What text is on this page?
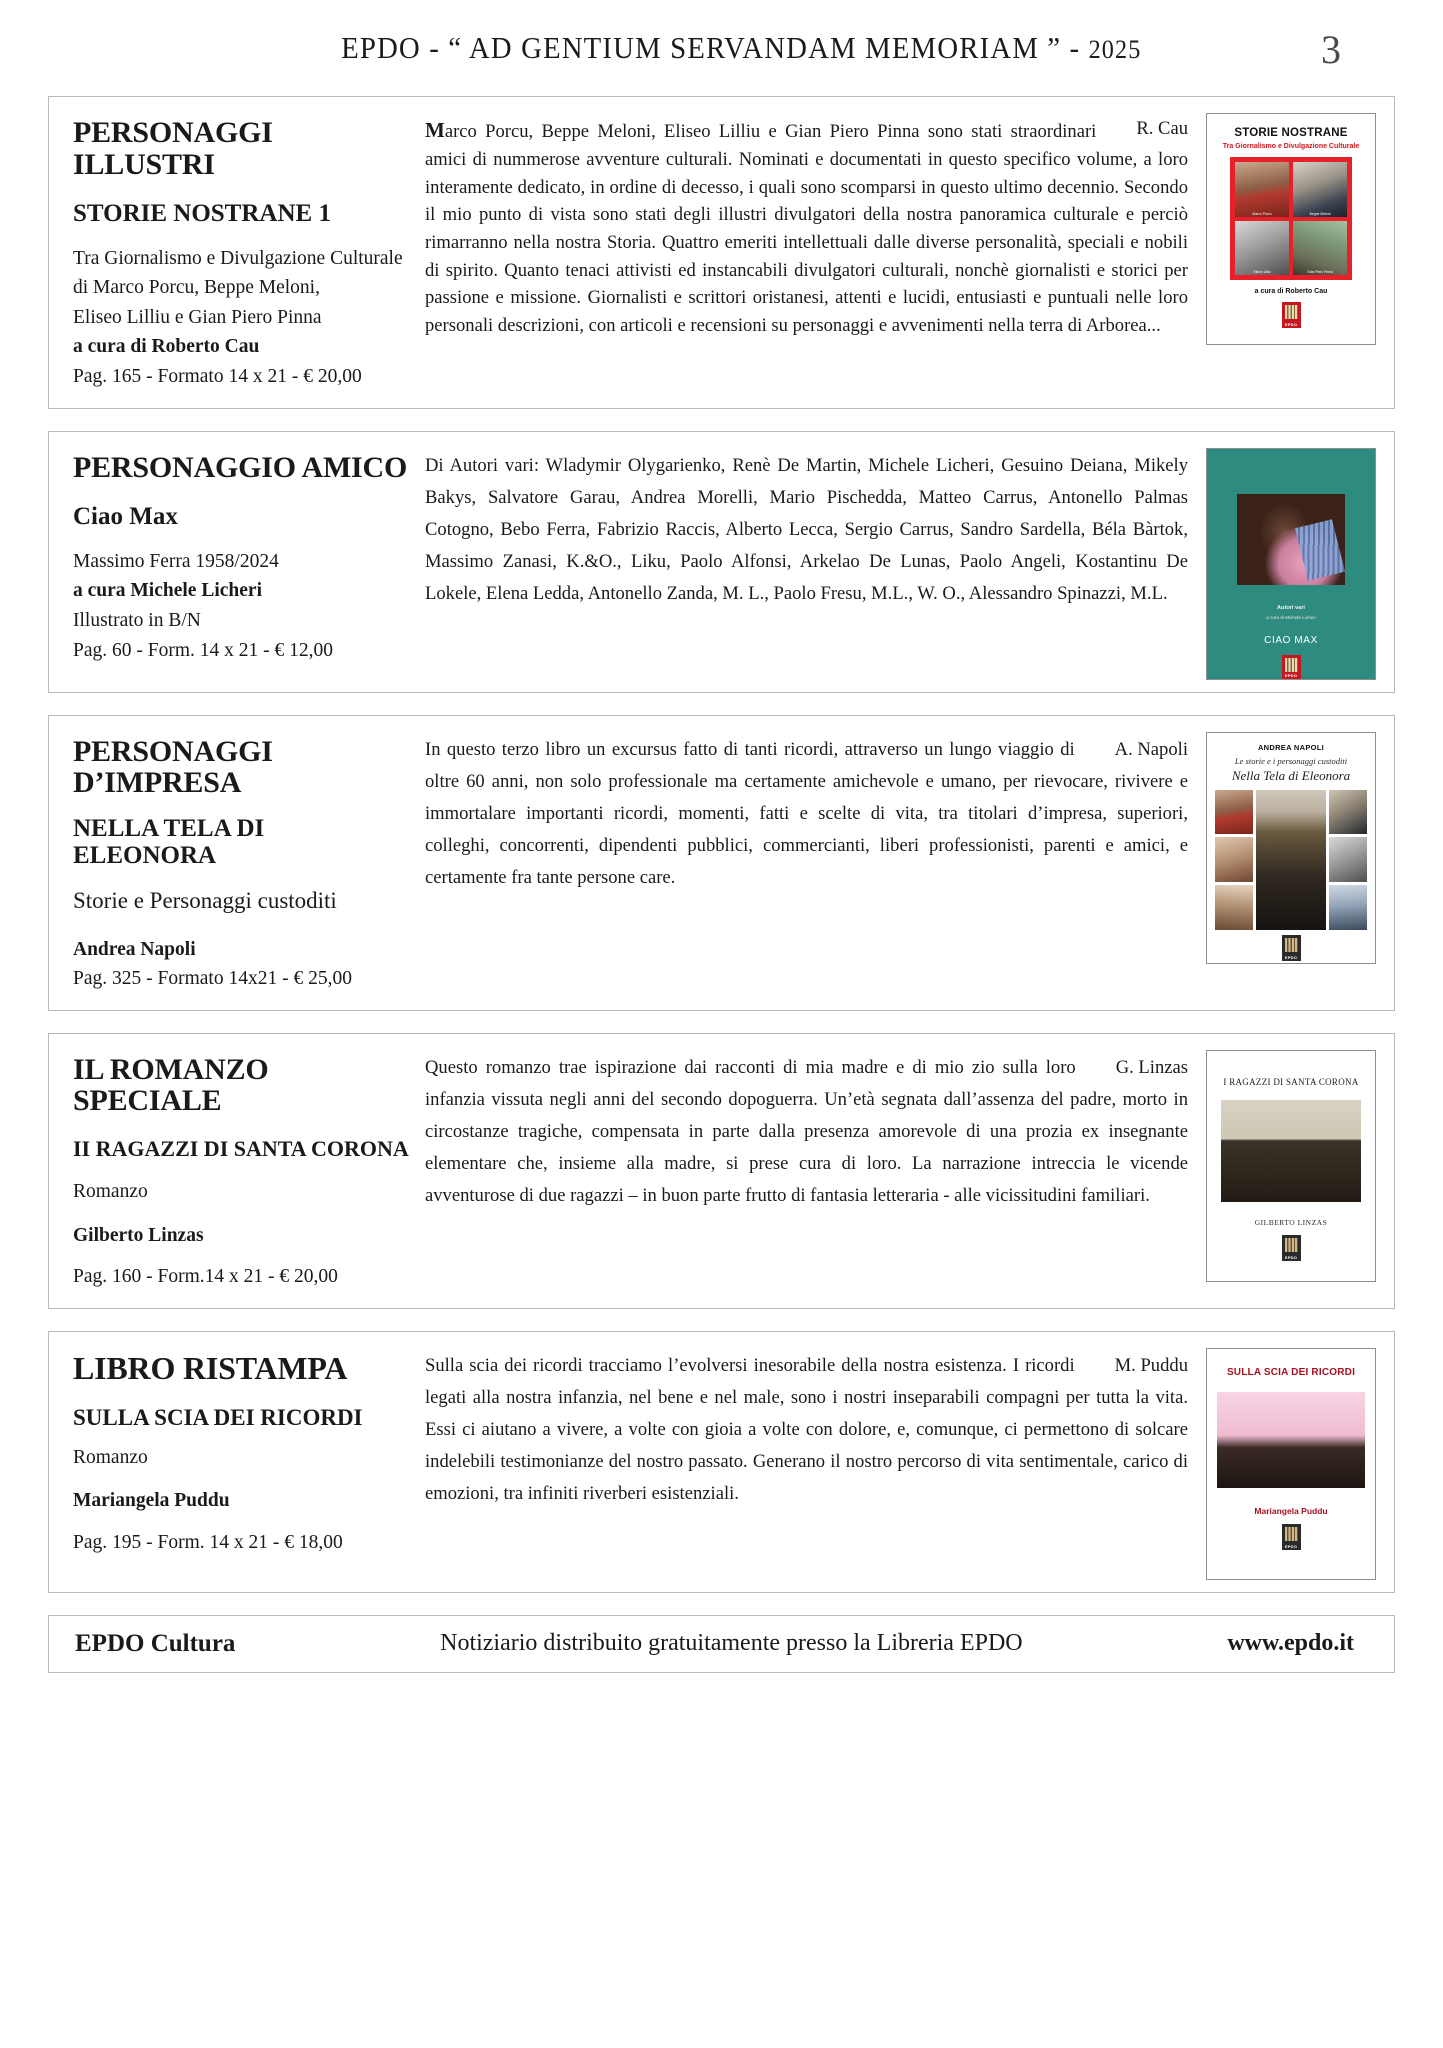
EPDO - “ AD GENTIUM SERVANDAM MEMORIAM ” - 2025	3
PERSONAGGI ILLUSTRI
STORIE NOSTRANE 1
Tra Giornalismo e Divulgazione Culturale
di Marco Porcu, Beppe Meloni,
Eliseo Lilliu e Gian Piero Pinna
a cura di Roberto Cau
Pag. 165 - Formato 14 x 21 - € 20,00

R. Cau
Marco Porcu, Beppe Meloni, Eliseo Lilliu e Gian Piero Pinna sono stati straordinari amici di nummerose avventure culturali. Nominati e documentati in questo specifico volume, a loro interamente dedicato, in ordine di decesso, i quali sono scomparsi in questo ultimo decennio. Secondo il mio punto di vista sono stati degli illustri divulgatori della nostra panoramica culturale e perciò rimarranno nella nostra Storia. Quattro emeriti intellettuali dalle diverse personalità, speciali e nobili di spirito. Quanto tenaci attivisti ed instancabili divulgatori culturali, nonchè giornalisti e storici per passione e missione. Giornalisti e scrittori oristanesi, attenti e lucidi, entusiasti e puntuali nelle loro personali descrizioni, con articoli e recensioni su personaggi e avvenimenti nella terra di Arborea...

STORIE NOSTRANE
Tra Giornalismo e Divulgazione Culturale
Marco Porcu	Beppe Meloni
Eliseo Lilliu	Gian Piero Pinna
a cura di Roberto Cau
EPDO
PERSONAGGIO AMICO
Ciao Max
Massimo Ferra 1958/2024
a cura Michele Licheri
Illustrato in B/N
Pag. 60 - Form. 14 x 21 - € 12,00

Di Autori vari: Wladymir Olygarienko, Renè De Martin, Michele Licheri, Gesuino Deiana, Mikely Bakys, Salvatore Garau, Andrea Morelli, Mario Pischedda, Matteo Carrus, Antonello Palmas Cotogno, Bebo Ferra, Fabrizio Raccis, Alberto Lecca, Sergio Carrus, Sandro Sardella, Béla Bàrtok, Massimo Zanasi, K.&O., Liku, Paolo Alfonsi, Arkelao De Lunas, Paolo Angeli, Kostantinu De Lokele, Elena Ledda, Antonello Zanda, M. L., Paolo Fresu, M.L., W. O., Alessandro Spinazzi, M.L.

Autori vari
a cura di Michele Licheri
CIAO MAX
EPDO
PERSONAGGI D’IMPRESA
NELLA TELA DI ELEONORA
Storie e Personaggi custoditi
Andrea Napoli
Pag. 325 - Formato 14x21 - € 25,00

A. Napoli
In questo terzo libro un excursus fatto di tanti ricordi, attraverso un lungo viaggio di oltre 60 anni, non solo professionale ma certamente amichevole e umano, per rievocare, rivivere e immortalare importanti ricordi, momenti, fatti e scelte di vita, tra titolari d’impresa, superiori, colleghi, concorrenti, dipendenti pubblici, commercianti, liberi professionisti, parenti e amici, e certamente fra tante persone care.

ANDREA NAPOLI
Le storie e i personaggi custoditi
Nella Tela di Eleonora
EPDO
IL ROMANZO SPECIALE
II RAGAZZI DI SANTA CORONA
Romanzo
Gilberto Linzas
Pag. 160 - Form.14 x 21 - € 20,00

G. Linzas
Questo romanzo trae ispirazione dai racconti di mia madre e di mio zio sulla loro infanzia vissuta negli anni del secondo dopoguerra. Un’età segnata dall’assenza del padre, morto in circostanze tragiche, compensata in parte dalla presenza amorevole di una prozia ex insegnante elementare che, insieme alla madre, si prese cura di loro. La narrazione intreccia le vicende avventurose di due ragazzi – in buon parte frutto di fantasia letteraria - alle vicissitudini familiari.

I RAGAZZI DI SANTA CORONA
GILBERTO LINZAS
EPDO
LIBRO RISTAMPA
SULLA SCIA DEI RICORDI
Romanzo
Mariangela Puddu
Pag. 195 - Form. 14 x 21 - € 18,00

M. Puddu
Sulla scia dei ricordi tracciamo l’evolversi inesorabile della nostra esistenza. I ricordi legati alla nostra infanzia, nel bene e nel male, sono i nostri inseparabili compagni per tutta la vita. Essi ci aiutano a vivere, a volte con gioia a volte con dolore, e, comunque, ci permettono di solcare indelebili testimonianze del nostro passato. Generano il nostro percorso di vita sentimentale, carico di emozioni, tra infiniti riverberi esistenziali.

SULLA SCIA DEI RICORDI
Mariangela Puddu
EPDO
EPDO Cultura	Notiziario distribuito gratuitamente presso la Libreria EPDO	www.epdo.it
